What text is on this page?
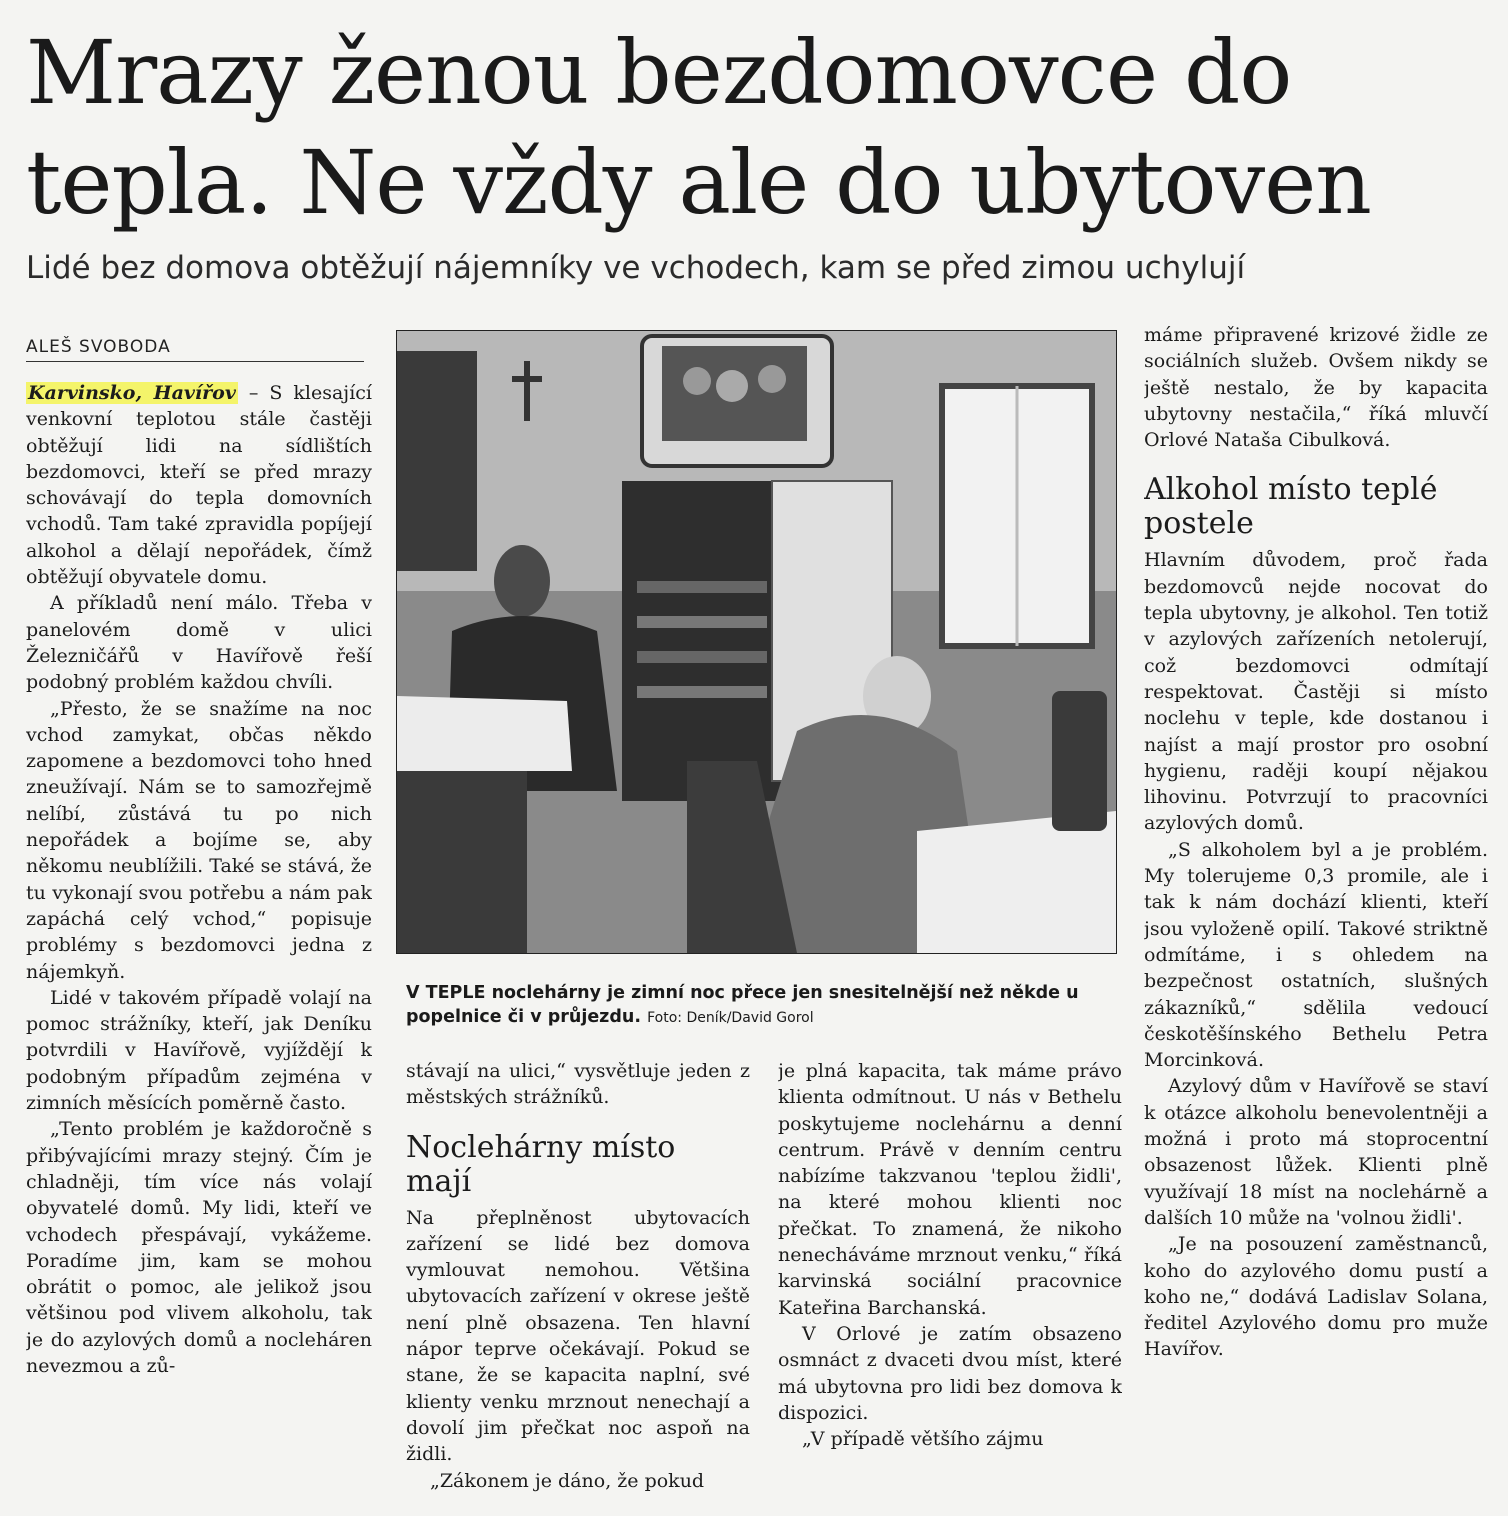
Mrazy ženou bezdomovce do tepla. Ne vždy ale do ubytoven

Lidé bez domova obtěžují nájemníky ve vchodech, kam se před zimou uchylují

ALEŠ SVOBODA

Karvinsko, Havířov – S klesající venkovní teplotou stále častěji obtěžují lidi na sídlištích bezdomovci, kteří se před mrazy schovávají do tepla domovních vchodů. Tam také zpravidla popíjejí alkohol a dělají nepořádek, čímž obtěžují obyvatele domu.

A příkladů není málo. Třeba v panelovém domě v ulici Železničářů v Havířově řeší podobný problém každou chvíli.

„Přesto, že se snažíme na noc vchod zamykat, občas někdo zapomene a bezdomovci toho hned zneužívají. Nám se to samozřejmě nelíbí, zůstává tu po nich nepořádek a bojíme se, aby někomu neublížili. Také se stává, že tu vykonají svou potřebu a nám pak zapáchá celý vchod,“ popisuje problémy s bezdomovci jedna z nájemkyň.

Lidé v takovém případě volají na pomoc strážníky, kteří, jak Deníku potvrdili v Havířově, vyjíždějí k podobným případům zejména v zimních měsících poměrně často.

„Tento problém je každoročně s přibývajícími mrazy stejný. Čím je chladněji, tím více nás volají obyvatelé domů. My lidi, kteří ve vchodech přespávají, vykážeme. Poradíme jim, kam se mohou obrátit o pomoc, ale jelikož jsou většinou pod vlivem alkoholu, tak je do azylových domů a nocleháren nevezmou a zů-

V TEPLE noclehárny je zimní noc přece jen snesitelnější než někde u popelnice či v průjezdu. Foto: Deník/David Gorol

stávají na ulici,“ vysvětluje jeden z městských strážníků.

Noclehárny místo mají

Na přeplněnost ubytovacích zařízení se lidé bez domova vymlouvat nemohou. Většina ubytovacích zařízení v okrese ještě není plně obsazena. Ten hlavní nápor teprve očekávají. Pokud se stane, že se kapacita naplní, své klienty venku mrznout nenechají a dovolí jim přečkat noc aspoň na židli.

„Zákonem je dáno, že pokud

je plná kapacita, tak máme právo klienta odmítnout. U nás v Bethelu poskytujeme noclehárnu a denní centrum. Právě v denním centru nabízíme takzvanou 'teplou židli', na které mohou klienti noc přečkat. To znamená, že nikoho nenecháváme mrznout venku,“ říká karvinská sociální pracovnice Kateřina Barchanská.

V Orlové je zatím obsazeno osmnáct z dvaceti dvou míst, které má ubytovna pro lidi bez domova k dispozici.

„V případě většího zájmu

máme připravené krizové židle ze sociálních služeb. Ovšem nikdy se ještě nestalo, že by kapacita ubytovny nestačila,“ říká mluvčí Orlové Nataša Cibulková.

Alkohol místo teplé postele

Hlavním důvodem, proč řada bezdomovců nejde nocovat do tepla ubytovny, je alkohol. Ten totiž v azylových zařízeních netolerují, což bezdomovci odmítají respektovat. Častěji si místo noclehu v teple, kde dostanou i najíst a mají prostor pro osobní hygienu, raději koupí nějakou lihovinu. Potvrzují to pracovníci azylových domů.

„S alkoholem byl a je problém. My tolerujeme 0,3 promile, ale i tak k nám dochází klienti, kteří jsou vyloženě opilí. Takové striktně odmítáme, i s ohledem na bezpečnost ostatních, slušných zákazníků,“ sdělila vedoucí českotěšínského Bethelu Petra Morcinková.

Azylový dům v Havířově se staví k otázce alkoholu benevolentněji a možná i proto má stoprocentní obsazenost lůžek. Klienti plně využívají 18 míst na noclehárně a dalších 10 může na 'volnou židli'.

„Je na posouzení zaměstnanců, koho do azylového domu pustí a koho ne,“ dodává Ladislav Solana, ředitel Azylového domu pro muže Havířov.
